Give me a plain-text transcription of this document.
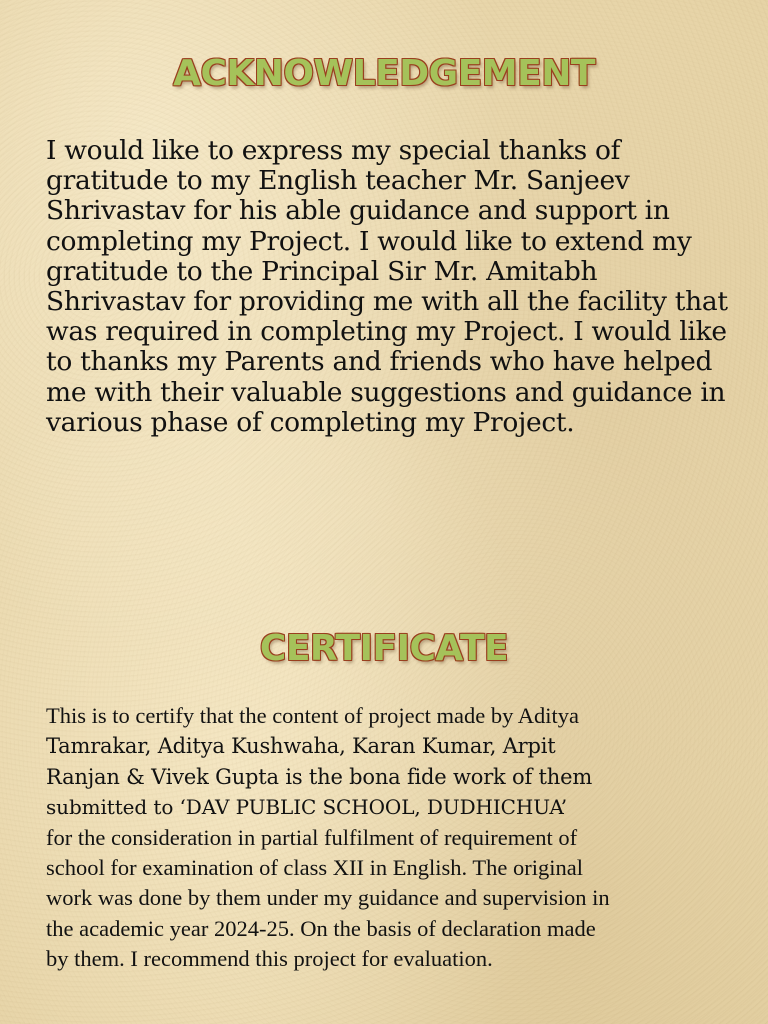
ACKNOWLEDGEMENT

I would like to express my special thanks of gratitude to my English teacher Mr. Sanjeev Shrivastav for his able guidance and support in completing my Project. I would like to extend my gratitude to the Principal Sir Mr. Amitabh Shrivastav for providing me with all the facility that was required in completing my Project. I would like to thanks my Parents and friends who have helped me with their valuable suggestions and guidance in various phase of completing my Project.

CERTIFICATE
This is to certify that the content of project made by Aditya
Tamrakar, Aditya Kushwaha, Karan Kumar, Arpit
Ranjan & Vivek Gupta is the bona fide work of them
submitted to ‘DAV PUBLIC SCHOOL, DUDHICHUA’
for the consideration in partial fulfilment of requirement of
school for examination of class XII in English. The original
work was done by them under my guidance and supervision in
the academic year 2024-25. On the basis of declaration made
by them. I recommend this project for evaluation.
